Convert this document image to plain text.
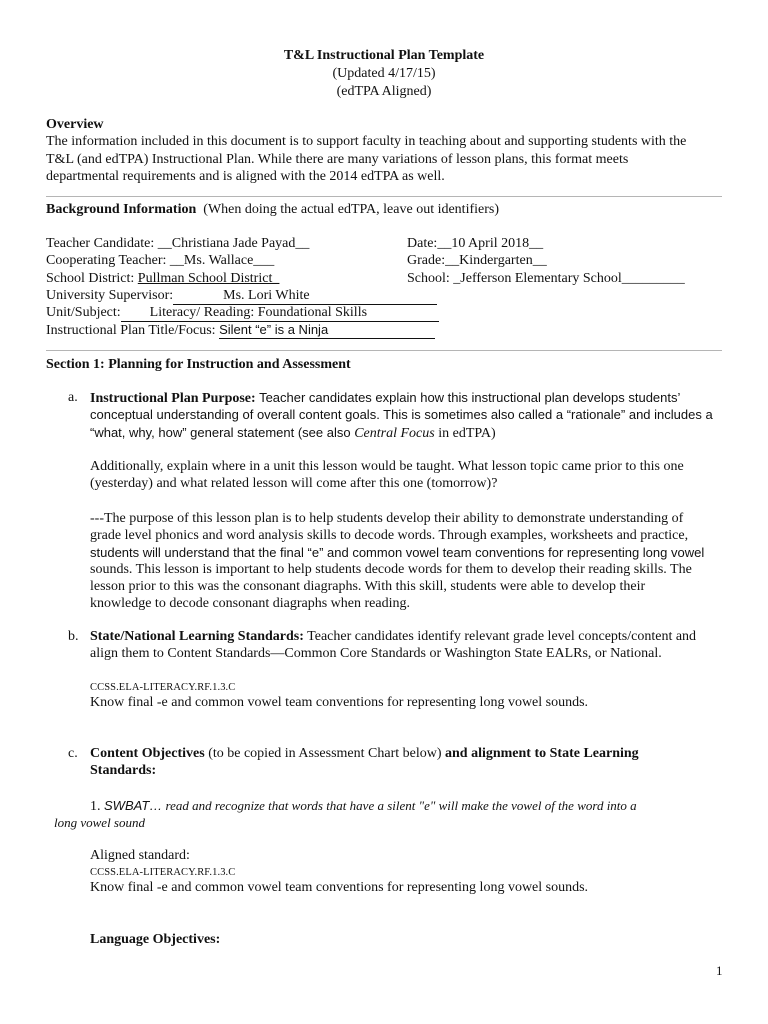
T&L Instructional Plan Template
(Updated 4/17/15)
(edTPA Aligned)
Overview
The information included in this document is to support faculty in teaching about and supporting students with the
T&L (and edTPA) Instructional Plan. While there are many variations of lesson plans, this format meets
departmental requirements and is aligned with the 2014 edTPA as well.
Background Information (When doing the actual edTPA, leave out identifiers)
Teacher Candidate: __Christiana Jade Payad__
Cooperating Teacher: __Ms. Wallace___
School District: Pullman School District_
University Supervisor:	Ms. Lori White
Unit/Subject: Literacy/ Reading: Foundational Skills
Instructional Plan Title/Focus: Silent “e” is a Ninja
Date:__10 April 2018__
Grade:__Kindergarten__
School: _Jefferson Elementary School_________
Section 1: Planning for Instruction and Assessment
a. Instructional Plan Purpose: Teacher candidates explain how this instructional plan develops students’
conceptual understanding of overall content goals. This is sometimes also called a “rationale” and includes a
“what, why, how” general statement (see also Central Focus in edTPA)
Additionally, explain where in a unit this lesson would be taught. What lesson topic came prior to this one
(yesterday) and what related lesson will come after this one (tomorrow)?
---The purpose of this lesson plan is to help students develop their ability to demonstrate understanding of
grade level phonics and word analysis skills to decode words. Through examples, worksheets and practice,
students will understand that the final “e” and common vowel team conventions for representing long vowel
sounds. This lesson is important to help students decode words for them to develop their reading skills. The
lesson prior to this was the consonant diagraphs. With this skill, students were able to develop their
knowledge to decode consonant diagraphs when reading.
b. State/National Learning Standards: Teacher candidates identify relevant grade level concepts/content and
align them to Content Standards—Common Core Standards or Washington State EALRs, or National.
CCSS.ELA-LITERACY.RF.1.3.C
Know final -e and common vowel team conventions for representing long vowel sounds.
c. Content Objectives (to be copied in Assessment Chart below) and alignment to State Learning
Standards:
1. SWBAT… read and recognize that words that have a silent "e" will make the vowel of the word into a
long vowel sound
Aligned standard:
CCSS.ELA-LITERACY.RF.1.3.C
Know final -e and common vowel team conventions for representing long vowel sounds.
Language Objectives:
1
